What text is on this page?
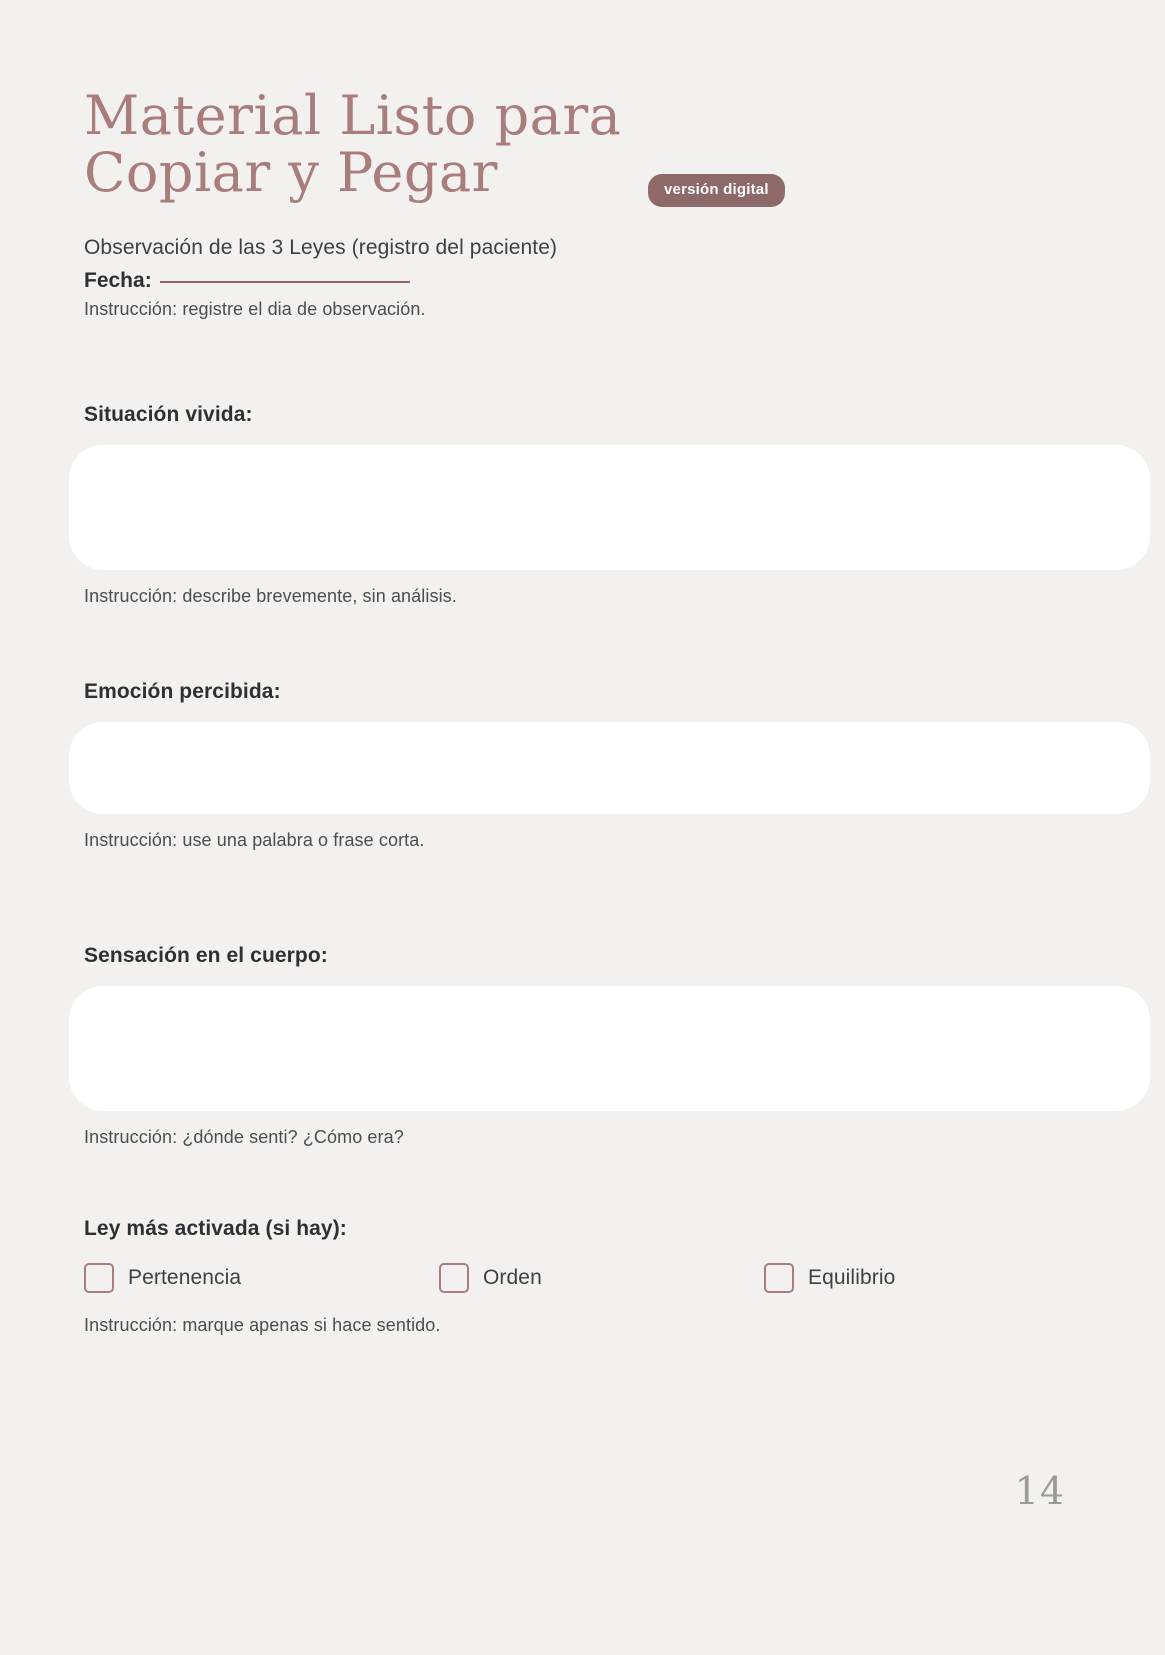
Material Listo para
Copiar y Pegar	versión digital
Observación de las 3 Leyes (registro del paciente)
Fecha:
Instrucción: registre el dia de observación.
Situación vivida:
Instrucción: describe brevemente, sin análisis.
Emoción percibida:
Instrucción: use una palabra o frase corta.
Sensación en el cuerpo:
Instrucción: ¿dónde senti? ¿Cómo era?
Ley más activada (si hay):
Pertenencia	Orden	Equilibrio
Instrucción: marque apenas si hace sentido.
14
